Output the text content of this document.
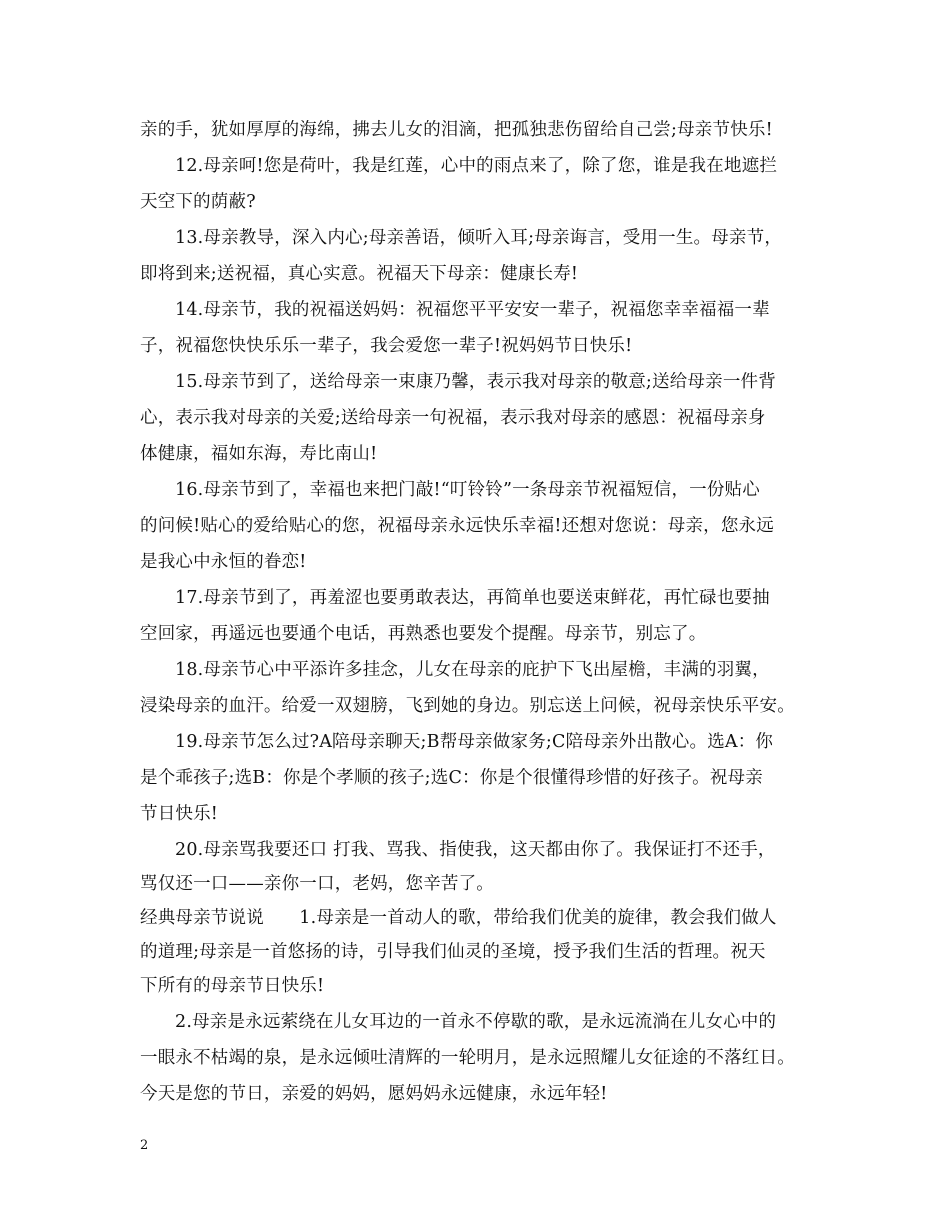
亲的手，犹如厚厚的海绵，拂去儿女的泪滴，把孤独悲伤留给自己尝;母亲节快乐!
12.母亲呵!您是荷叶，我是红莲，心中的雨点来了，除了您，谁是我在地遮拦
天空下的荫蔽?
13.母亲教导，深入内心;母亲善语，倾听入耳;母亲诲言，受用一生。母亲节，
即将到来;送祝福，真心实意。祝福天下母亲：健康长寿!
14.母亲节，我的祝福送妈妈：祝福您平平安安一辈子，祝福您幸幸福福一辈
子，祝福您快快乐乐一辈子，我会爱您一辈子!祝妈妈节日快乐!
15.母亲节到了，送给母亲一束康乃馨，表示我对母亲的敬意;送给母亲一件背
心，表示我对母亲的关爱;送给母亲一句祝福，表示我对母亲的感恩：祝福母亲身
体健康，福如东海，寿比南山!
16.母亲节到了，幸福也来把门敲!“叮铃铃”一条母亲节祝福短信，一份贴心
的问候!贴心的爱给贴心的您，祝福母亲永远快乐幸福!还想对您说：母亲，您永远
是我心中永恒的眷恋!
17.母亲节到了，再羞涩也要勇敢表达，再简单也要送束鲜花，再忙碌也要抽
空回家，再遥远也要通个电话，再熟悉也要发个提醒。母亲节，别忘了。
18.母亲节心中平添许多挂念，儿女在母亲的庇护下飞出屋檐，丰满的羽翼，
浸染母亲的血汗。给爱一双翅膀，飞到她的身边。别忘送上问候，祝母亲快乐平安。
19.母亲节怎么过?A陪母亲聊天;B帮母亲做家务;C陪母亲外出散心。选A：你
是个乖孩子;选B：你是个孝顺的孩子;选C：你是个很懂得珍惜的好孩子。祝母亲
节日快乐!
20.母亲骂我要还口 打我、骂我、指使我，这天都由你了。我保证打不还手，
骂仅还一口——亲你一口，老妈，您辛苦了。
经典母亲节说说　　1.母亲是一首动人的歌，带给我们优美的旋律，教会我们做人
的道理;母亲是一首悠扬的诗，引导我们仙灵的圣境，授予我们生活的哲理。祝天
下所有的母亲节日快乐!
2.母亲是永远萦绕在儿女耳边的一首永不停歇的歌，是永远流淌在儿女心中的
一眼永不枯竭的泉，是永远倾吐清辉的一轮明月，是永远照耀儿女征途的不落红日。
今天是您的节日，亲爱的妈妈，愿妈妈永远健康，永远年轻!
2
